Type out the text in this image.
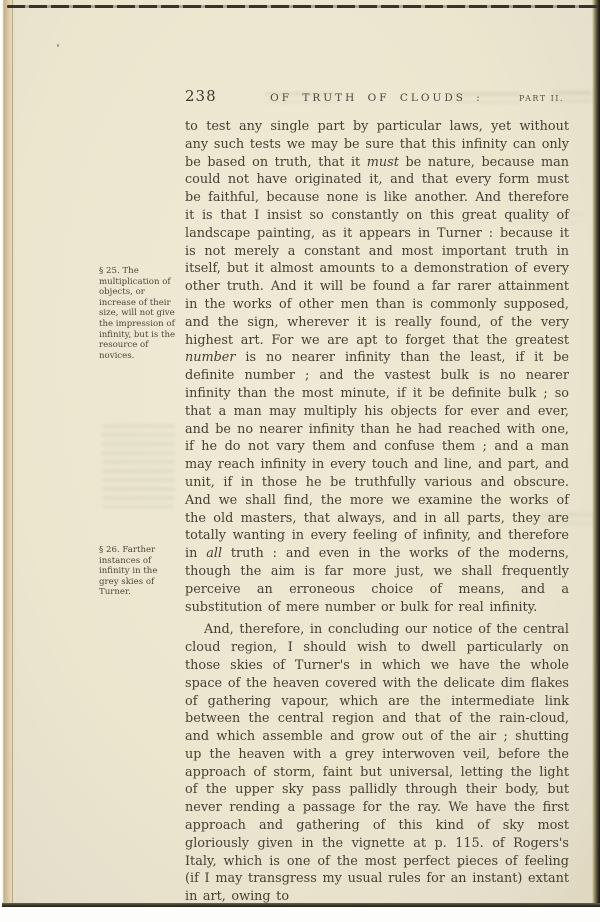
238	OF TRUTH OF CLOUDS :	PART II.
§ 25. The multiplication of objects, or increase of their size, will not give the impression of infinity, but is the resource of novices.
§ 26. Farther instances of infinity in the grey skies of Turner.

to test any single part by particular laws, yet without any such tests we may be sure that this infinity can only be based on truth, that it must be nature, because man could not have originated it, and that every form must be faithful, because none is like another. And therefore it is that I insist so constantly on this great quality of landscape painting, as it appears in Turner : because it is not merely a constant and most important truth in itself, but it almost amounts to a demonstration of every other truth. And it will be found a far rarer attainment in the works of other men than is commonly supposed, and the sign, wherever it is really found, of the very highest art. For we are apt to forget that the greatest number is no nearer infinity than the least, if it be definite number ; and the vastest bulk is no nearer infinity than the most minute, if it be definite bulk ; so that a man may multiply his objects for ever and ever, and be no nearer infinity than he had reached with one, if he do not vary them and confuse them ; and a man may reach infinity in every touch and line, and part, and unit, if in those he be truthfully various and obscure. And we shall find, the more we examine the works of the old masters, that always, and in all parts, they are totally wanting in every feeling of infinity, and therefore in all truth : and even in the works of the moderns, though the aim is far more just, we shall frequently perceive an erroneous choice of means, and a substitution of mere number or bulk for real infinity.

And, therefore, in concluding our notice of the central cloud region, I should wish to dwell particularly on those skies of Turner's in which we have the whole space of the heaven covered with the delicate dim flakes of gathering vapour, which are the intermediate link between the central region and that of the rain-cloud, and which assemble and grow out of the air ; shutting up the heaven with a grey interwoven veil, before the approach of storm, faint but universal, letting the light of the upper sky pass pallidly through their body, but never rending a passage for the ray. We have the first approach and gathering of this kind of sky most gloriously given in the vignette at p. 115. of Rogers's Italy, which is one of the most perfect pieces of feeling (if I may transgress my usual rules for an instant) extant in art, owing to
